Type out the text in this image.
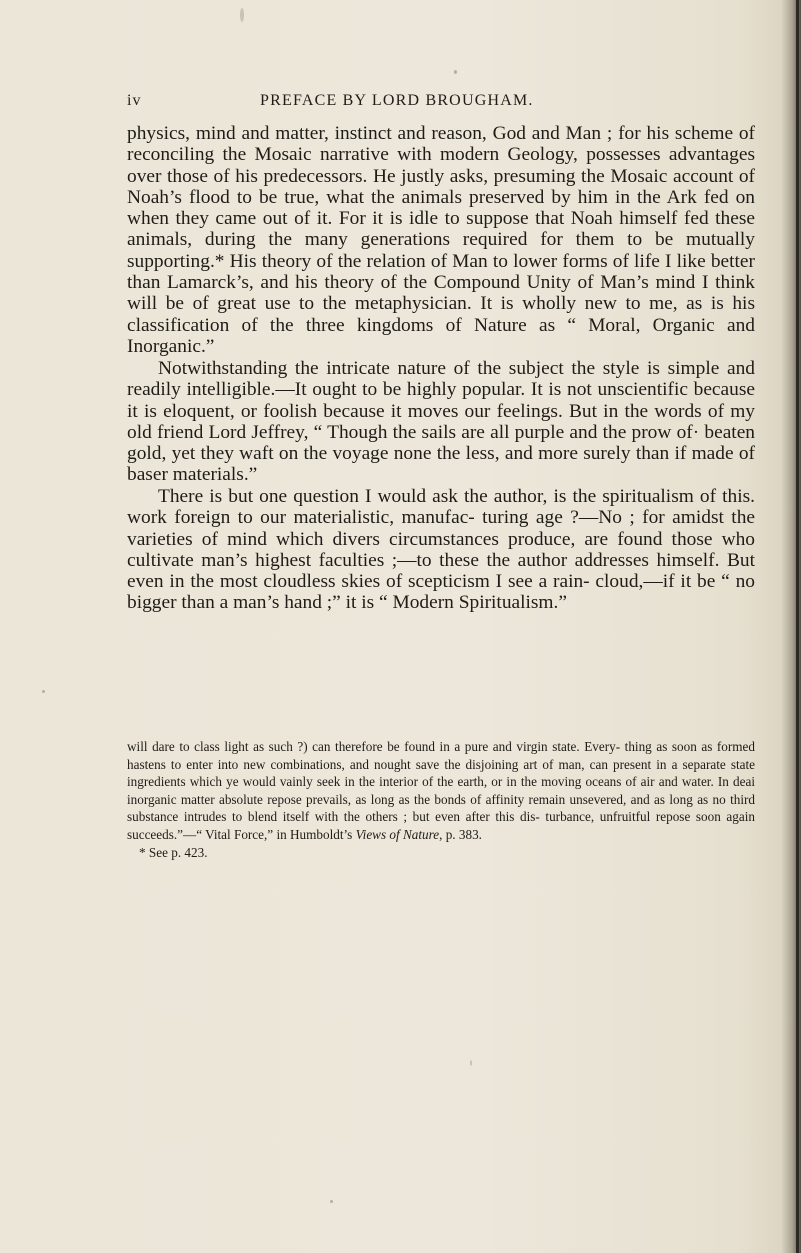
iv	PREFACE BY LORD BROUGHAM.

physics, mind and matter, instinct and reason, God and Man ; for his scheme of reconciling the Mosaic narrative with modern Geology, possesses advantages over those of his predecessors. He justly asks, presuming the Mosaic account of Noah’s flood to be true, what the animals preserved by him in the Ark fed on when they came out of it. For it is idle to suppose that Noah himself fed these animals, during the many generations required for them to be mutually supporting.* His theory of the relation of Man to lower forms of life I like better than Lamarck’s, and his theory of the Compound Unity of Man’s mind I think will be of great use to the metaphysician. It is wholly new to me, as is his classification of the three kingdoms of Nature as “ Moral, Organic and Inorganic.”

Notwithstanding the intricate nature of the subject the style is simple and readily intelligible.—It ought to be highly popular. It is not unscientific because it is eloquent, or foolish because it moves our feelings. But in the words of my old friend Lord Jeffrey, “ Though the sails are all purple and the prow of· beaten gold, yet they waft on the voyage none the less, and more surely than if made of baser materials.”

There is but one question I would ask the author, is the spiritualism of this. work foreign to our materialistic, manufac- turing age ?—No ; for amidst the varieties of mind which divers circumstances produce, are found those who cultivate man’s highest faculties ;—to these the author addresses himself. But even in the most cloudless skies of scepticism I see a rain- cloud,—if it be “ no bigger than a man’s hand ;” it is “ Modern Spiritualism.”

will dare to class light as such ?) can therefore be found in a pure and virgin state. Every- thing as soon as formed hastens to enter into new combinations, and nought save the disjoining art of man, can present in a separate state ingredients which ye would vainly seek in the interior of the earth, or in the moving oceans of air and water. In deai inorganic matter absolute repose prevails, as long as the bonds of affinity remain unsevered, and as long as no third substance intrudes to blend itself with the others ; but even after this dis- turbance, unfruitful repose soon again succeeds.”—“ Vital Force,” in Humboldt’s Views of Nature, p. 383.

* See p. 423.
